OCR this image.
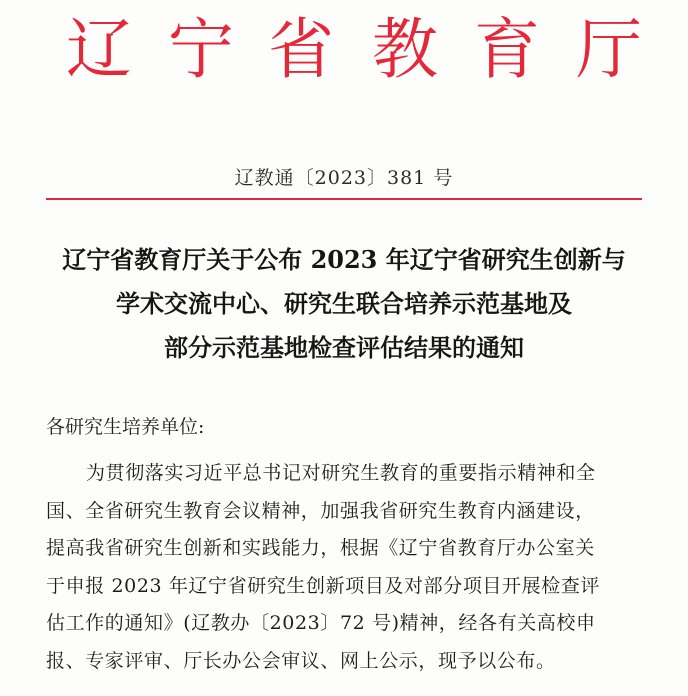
辽 宁 省 教 育 厅
辽教通〔2023〕381 号
辽宁省教育厅关于公布 2023 年辽宁省研究生创新与
学术交流中心、研究生联合培养示范基地及
部分示范基地检查评估结果的通知
各研究生培养单位:
为贯彻落实习近平总书记对研究生教育的重要指示精神和全
国、全省研究生教育会议精神，加强我省研究生教育内涵建设，
提高我省研究生创新和实践能力，根据《辽宁省教育厅办公室关
于申报 2023 年辽宁省研究生创新项目及对部分项目开展检查评
估工作的通知》(辽教办〔2023〕72 号)精神，经各有关高校申
报、专家评审、厅长办公会审议、网上公示，现予以公布。
